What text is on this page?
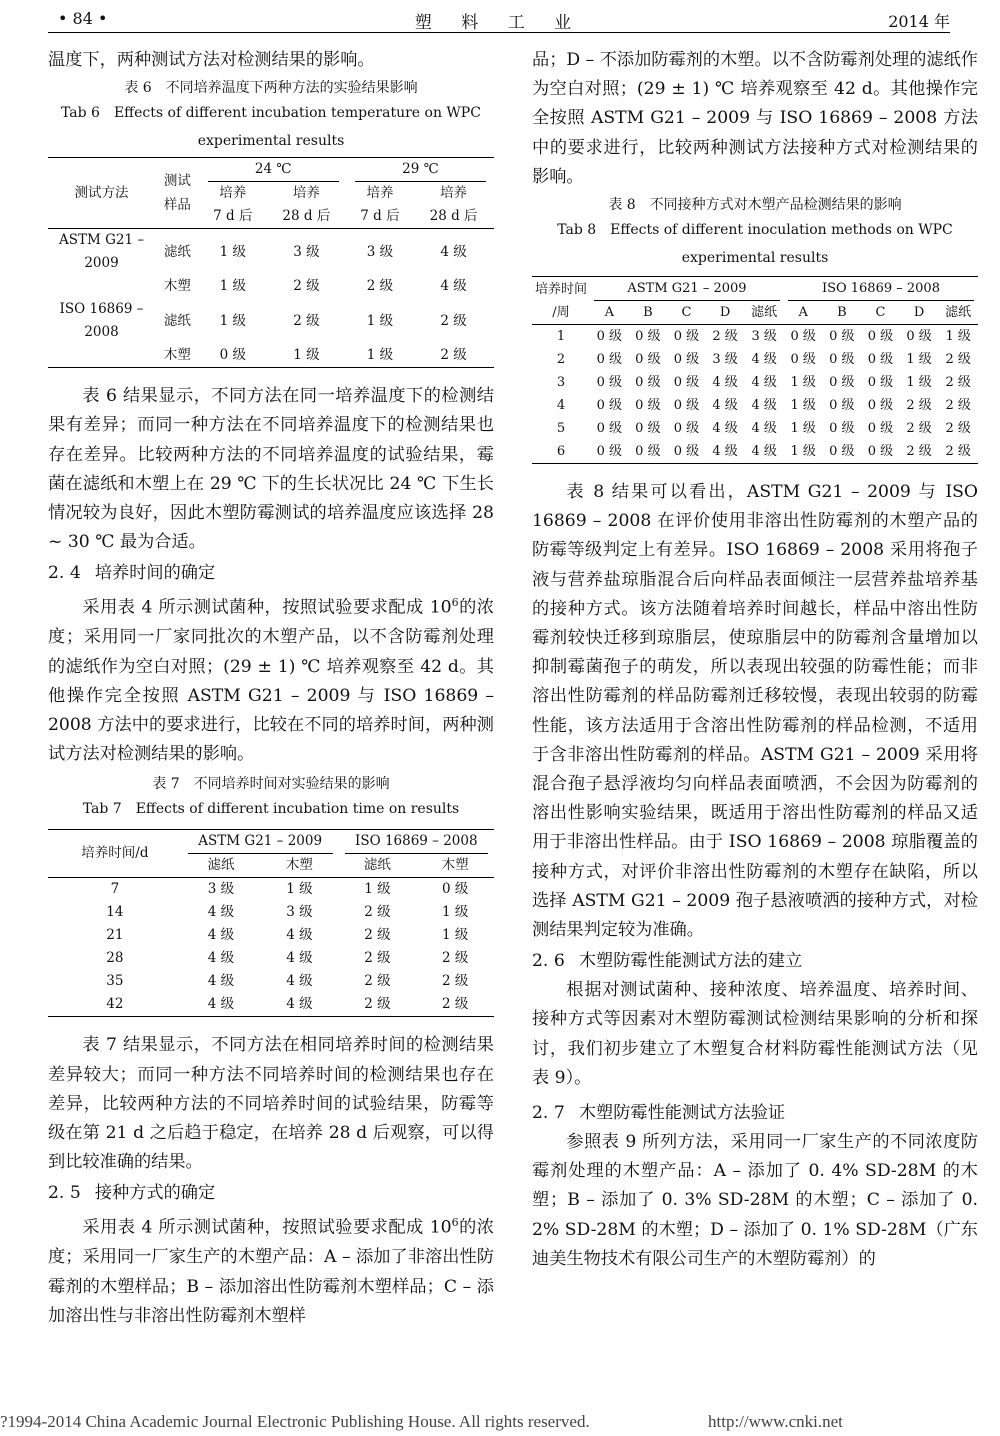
• 84 •	塑 料 工 业	2014 年

温度下，两种测试方法对检测结果的影响。

表 6　不同培养温度下两种方法的实验结果影响
Tab 6　Effects of different incubation temperature on WPC
experimental results
测试方法	测试
样品	24 ℃		29 ℃	

		培养	培养	培养	培养
		7 d 后	28 d 后	7 d 后	28 d 后
ASTM G21 – 2009	滤纸	1 级	3 级	3 级	4 级
	木塑	1 级	2 级	2 级	4 级
ISO 16869 – 2008	滤纸	1 级	2 级	1 级	2 级
	木塑	0 级	1 级	1 级	2 级

表 6 结果显示，不同方法在同一培养温度下的检测结果有差异；而同一种方法在不同培养温度下的检测结果也存在差异。比较两种方法的不同培养温度的试验结果，霉菌在滤纸和木塑上在 29 ℃ 下的生长状况比 24 ℃ 下生长情况较为良好，因此木塑防霉测试的培养温度应该选择 28 ~ 30 ℃ 最为合适。

2. 4 培养时间的确定

采用表 4 所示测试菌种，按照试验要求配成 $10^6$的浓度；采用同一厂家同批次的木塑产品，以不含防霉剂处理的滤纸作为空白对照；(29 ± 1) ℃ 培养观察至 42 d。其他操作完全按照 ASTM G21 – 2009 与 ISO 16869 – 2008 方法中的要求进行，比较在不同的培养时间，两种测试方法对检测结果的影响。

表 7　不同培养时间对实验结果的影响
Tab 7　Effects of different incubation time on results
培养时间/d	ASTM G21 – 2009		ISO 16869 – 2008	

	滤纸	木塑	滤纸	木塑
7	3 级	1 级	1 级	0 级
14	4 级	3 级	2 级	1 级
21	4 级	4 级	2 级	1 级
28	4 级	4 级	2 级	2 级
35	4 级	4 级	2 级	2 级
42	4 级	4 级	2 级	2 级

表 7 结果显示，不同方法在相同培养时间的检测结果差异较大；而同一种方法不同培养时间的检测结果也存在差异，比较两种方法的不同培养时间的试验结果，防霉等级在第 21 d 之后趋于稳定，在培养 28 d 后观察，可以得到比较准确的结果。

2. 5 接种方式的确定

采用表 4 所示测试菌种，按照试验要求配成 $10^6$的浓度；采用同一厂家生产的木塑产品：A – 添加了非溶出性防霉剂的木塑样品；B – 添加溶出性防霉剂木塑样品；C – 添加溶出性与非溶出性防霉剂木塑样

品；D – 不添加防霉剂的木塑。以不含防霉剂处理的滤纸作为空白对照；(29 ± 1) ℃ 培养观察至 42 d。其他操作完全按照 ASTM G21 – 2009 与 ISO 16869 – 2008 方法中的要求进行，比较两种测试方法接种方式对检测结果的影响。

表 8　不同接种方式对木塑产品检测结果的影响
Tab 8　Effects of different inoculation methods on WPC
experimental results
培养时间	ASTM G21 – 2009					ISO 16869 – 2008				

/周	A	B	C	D	滤纸	A	B	C	D	滤纸
1	0 级	0 级	0 级	2 级	3 级	0 级	0 级	0 级	0 级	1 级
2	0 级	0 级	0 级	3 级	4 级	0 级	0 级	0 级	1 级	2 级
3	0 级	0 级	0 级	4 级	4 级	1 级	0 级	0 级	1 级	2 级
4	0 级	0 级	0 级	4 级	4 级	1 级	0 级	0 级	2 级	2 级
5	0 级	0 级	0 级	4 级	4 级	1 级	0 级	0 级	2 级	2 级
6	0 级	0 级	0 级	4 级	4 级	1 级	0 级	0 级	2 级	2 级

表 8 结果可以看出，ASTM G21 – 2009 与 ISO 16869 – 2008 在评价使用非溶出性防霉剂的木塑产品的防霉等级判定上有差异。ISO 16869 – 2008 采用将孢子液与营养盐琼脂混合后向样品表面倾注一层营养盐培养基的接种方式。该方法随着培养时间越长，样品中溶出性防霉剂较快迁移到琼脂层，使琼脂层中的防霉剂含量增加以抑制霉菌孢子的萌发，所以表现出较强的防霉性能；而非溶出性防霉剂的样品防霉剂迁移较慢，表现出较弱的防霉性能，该方法适用于含溶出性防霉剂的样品检测，不适用于含非溶出性防霉剂的样品。ASTM G21 – 2009 采用将混合孢子悬浮液均匀向样品表面喷洒，不会因为防霉剂的溶出性影响实验结果，既适用于溶出性防霉剂的样品又适用于非溶出性样品。由于 ISO 16869 – 2008 琼脂覆盖的接种方式，对评价非溶出性防霉剂的木塑存在缺陷，所以选择 ASTM G21 – 2009 孢子悬液喷洒的接种方式，对检测结果判定较为准确。

2. 6 木塑防霉性能测试方法的建立

根据对测试菌种、接种浓度、培养温度、培养时间、接种方式等因素对木塑防霉测试检测结果影响的分析和探讨，我们初步建立了木塑复合材料防霉性能测试方法（见表 9）。

2. 7 木塑防霉性能测试方法验证

参照表 9 所列方法，采用同一厂家生产的不同浓度防霉剂处理的木塑产品：A – 添加了 0. 4% SD-28M 的木塑；B – 添加了 0. 3% SD-28M 的木塑；C – 添加了 0. 2% SD-28M 的木塑；D – 添加了 0. 1% SD-28M（广东迪美生物技术有限公司生产的木塑防霉剂）的

?1994-2014 China Academic Journal Electronic Publishing House. All rights reserved.	http://www.cnki.net
